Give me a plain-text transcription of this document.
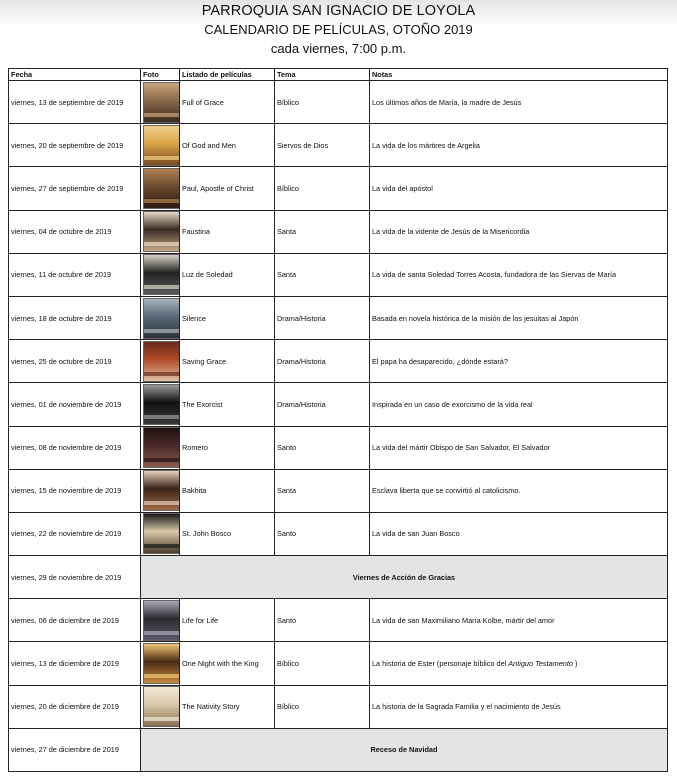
PARROQUIA SAN IGNACIO DE LOYOLA
CALENDARIO DE PELÍCULAS, OTOÑO 2019
cada viernes, 7:00 p.m.
Fecha	Foto	Listado de películas	Tema	Notas
viernes, 13 de septiembre de 2019		Full of Grace	Bíblico	Los últimos años de María, la madre de Jesús
viernes, 20 de septiembre de 2019		Of God and Men	Siervos de Dios	La vida de los mártires de Argelia
viernes, 27 de septiembre de 2019		Paul, Apostle of Christ	Bíblico	La vida del apóstol
viernes, 04 de octubre de 2019		Faustina	Santa	La vida de la vidente de Jesús de la Misericordia
viernes, 11 de octubre de 2019		Luz de Soledad	Santa	La vida de santa Soledad Torres Acosta, fundadora de las Siervas de María
viernes, 18 de octubre de 2019		Silence	Drama/Historia	Basada en novela histórica de la misión de los jesuitas al Japón
viernes, 25 de octubre de 2019		Saving Grace	Drama/Historia	El papa ha desaparecido, ¿dónde estará?
viernes, 01 de noviembre de 2019		The Exorcist	Drama/Historia	Inspirada en un caso de exorcismo de la vida real
viernes, 08 de noviembre de 2019		Romero	Santo	La vida del mártir Obispo de San Salvador, El Salvador
viernes, 15 de noviembre de 2019		Bakhita	Santa	Esclava liberta que se convirtió al catolicismo.
viernes, 22 de noviembre de 2019		St. John Bosco	Santo	La vida de san Juan Bosco
viernes, 29 de noviembre de 2019	Viernes de Acción de Gracias			
viernes, 06 de diciembre de 2019		Life for Life	Santo	La vida de san Maximiliano María Kolbe, mártir del amor
viernes, 13 de diciembre de 2019		One Night with the King	Bíblico	La historia de Ester (personaje bíblico del Antiguo Testamento )
viernes, 20 de diciembre de 2019		The Nativity Story	Bíblico	La historia de la Sagrada Familia y el nacimiento de Jesús
viernes, 27 de diciembre de 2019	Receso de Navidad			
